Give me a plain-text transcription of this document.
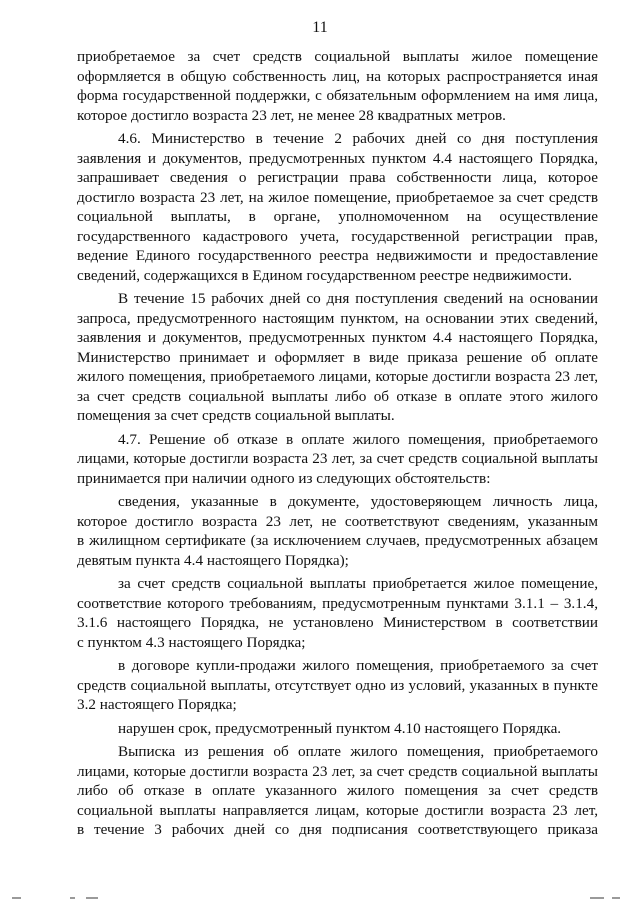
11

приобретаемое за счет средств социальной выплаты жилое помещение

оформляется в общую собственность лиц, на которых распространяется иная

форма государственной поддержки, с обязательным оформлением на имя лица,

которое достигло возраста 23 лет, не менее 28 квадратных метров.

4.6. Министерство в течение 2 рабочих дней со дня поступления

заявления и документов, предусмотренных пунктом 4.4 настоящего Порядка,

запрашивает сведения о регистрации права собственности лица, которое

достигло возраста 23 лет, на жилое помещение, приобретаемое за счет средств

социальной выплаты, в органе, уполномоченном на осуществление

государственного кадастрового учета, государственной регистрации прав,

ведение Единого государственного реестра недвижимости и предоставление

сведений, содержащихся в Едином государственном реестре недвижимости.

В течение 15 рабочих дней со дня поступления сведений на основании

запроса, предусмотренного настоящим пунктом, на основании этих сведений,

заявления и документов, предусмотренных пунктом 4.4 настоящего Порядка,

Министерство принимает и оформляет в виде приказа решение об оплате

жилого помещения, приобретаемого лицами, которые достигли возраста 23 лет,

за счет средств социальной выплаты либо об отказе в оплате этого жилого

помещения за счет средств социальной выплаты.

4.7. Решение об отказе в оплате жилого помещения, приобретаемого

лицами, которые достигли возраста 23 лет, за счет средств социальной выплаты

принимается при наличии одного из следующих обстоятельств:

сведения, указанные в документе, удостоверяющем личность лица,

которое достигло возраста 23 лет, не соответствуют сведениям, указанным

в жилищном сертификате (за исключением случаев, предусмотренных абзацем

девятым пункта 4.4 настоящего Порядка);

за счет средств социальной выплаты приобретается жилое помещение,

соответствие которого требованиям, предусмотренным пунктами 3.1.1 – 3.1.4,

3.1.6 настоящего Порядка, не установлено Министерством в соответствии

с пунктом 4.3 настоящего Порядка;

в договоре купли-продажи жилого помещения, приобретаемого за счет

средств социальной выплаты, отсутствует одно из условий, указанных в пункте

3.2 настоящего Порядка;

нарушен срок, предусмотренный пунктом 4.10 настоящего Порядка.

Выписка из решения об оплате жилого помещения, приобретаемого

лицами, которые достигли возраста 23 лет, за счет средств социальной выплаты

либо об отказе в оплате указанного жилого помещения за счет средств

социальной выплаты направляется лицам, которые достигли возраста 23 лет,

в течение 3 рабочих дней со дня подписания соответствующего приказа
